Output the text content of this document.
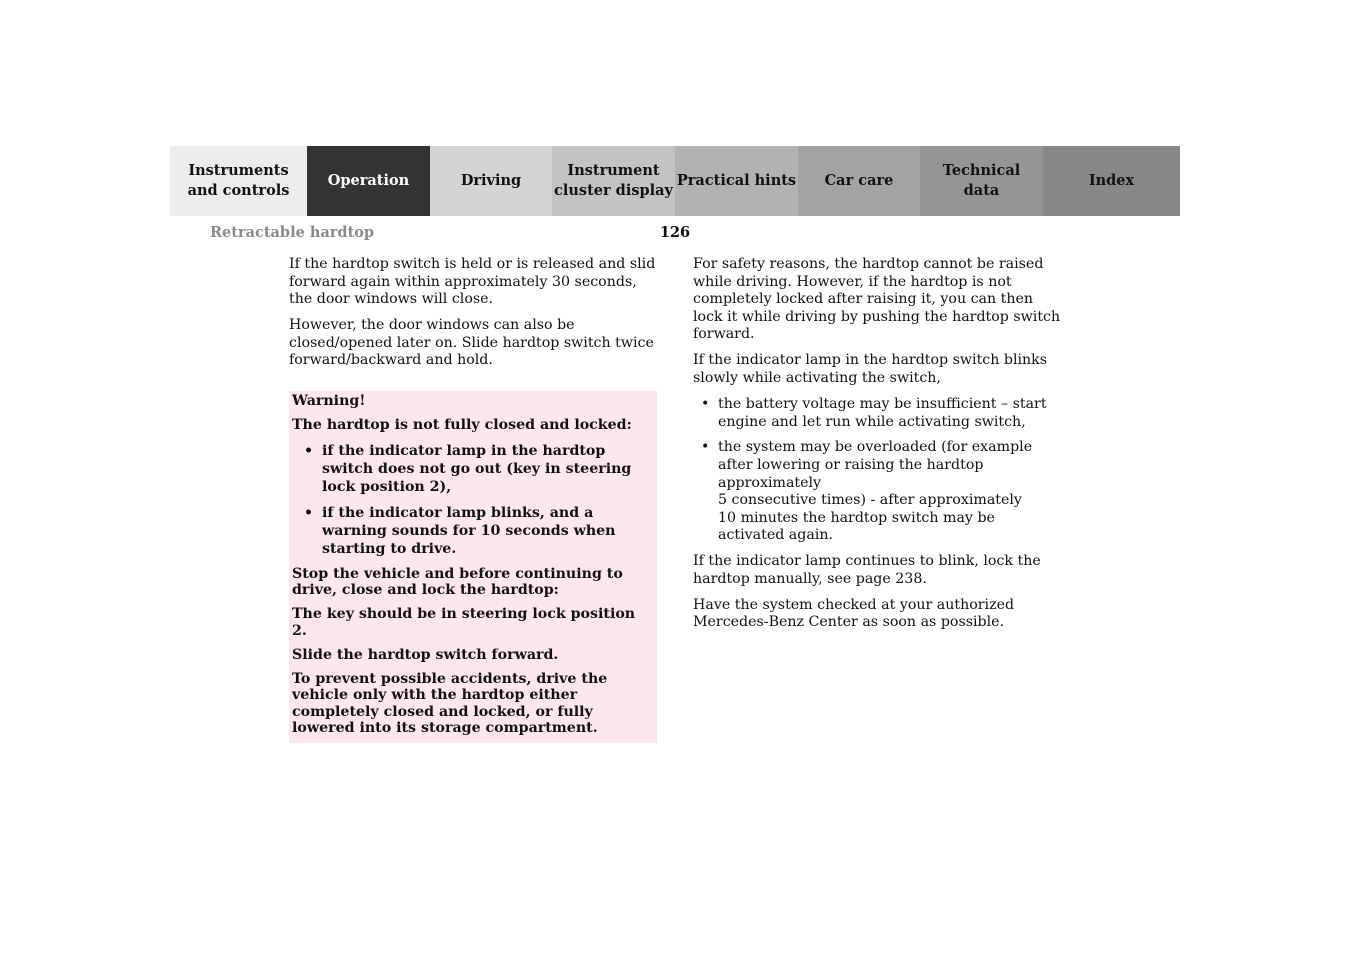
Instruments
and controls
Operation	Driving
Instrument
cluster display
Practical hints	Car care
Technical
data
Index
Retractable hardtop	126

If the hardtop switch is held or is released and slid forward again within approximately 30 seconds, the door windows will close.

However, the door windows can also be closed/opened later on. Slide hardtop switch twice forward/backward and hold.

Warning!

The hardtop is not fully closed and locked:

• if the indicator lamp in the hardtop switch does not go out (key in steering lock position 2),
• if the indicator lamp blinks, and a warning sounds for 10 seconds when starting to drive.

Stop the vehicle and before continuing to drive, close and lock the hardtop:

The key should be in steering lock position 2.

Slide the hardtop switch forward.

To prevent possible accidents, drive the vehicle only with the hardtop either completely closed and locked, or fully lowered into its storage compartment.

For safety reasons, the hardtop cannot be raised while driving. However, if the hardtop is not completely locked after raising it, you can then lock it while driving by pushing the hardtop switch forward.

If the indicator lamp in the hardtop switch blinks slowly while activating the switch,

• the battery voltage may be insufficient – start engine and let run while activating switch,
• the system may be overloaded (for example after lowering or raising the hardtop approximately
5 consecutive times) - after approximately
10 minutes the hardtop switch may be activated again.

If the indicator lamp continues to blink, lock the hardtop manually, see page 238.

Have the system checked at your authorized Mercedes-Benz Center as soon as possible.
